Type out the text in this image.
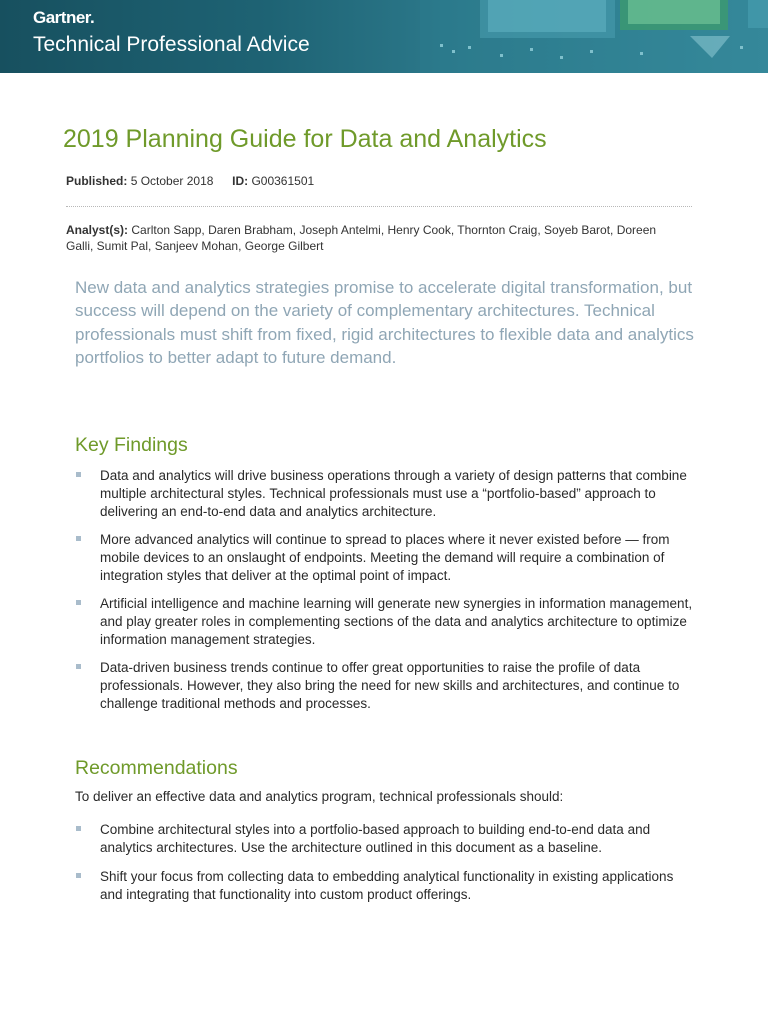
Gartner.
Technical Professional Advice
2019 Planning Guide for Data and Analytics
Published: 5 October 2018 ID: G00361501
Analyst(s): Carlton Sapp, Daren Brabham, Joseph Antelmi, Henry Cook, Thornton Craig, Soyeb Barot, Doreen Galli, Sumit Pal, Sanjeev Mohan, George Gilbert
New data and analytics strategies promise to accelerate digital transformation, but success will depend on the variety of complementary architectures. Technical professionals must shift from fixed, rigid architectures to flexible data and analytics portfolios to better adapt to future demand.
Key Findings
Data and analytics will drive business operations through a variety of design patterns that combine multiple architectural styles. Technical professionals must use a “portfolio-based” approach to delivering an end-to-end data and analytics architecture.
More advanced analytics will continue to spread to places where it never existed before — from mobile devices to an onslaught of endpoints. Meeting the demand will require a combination of integration styles that deliver at the optimal point of impact.
Artificial intelligence and machine learning will generate new synergies in information management, and play greater roles in complementing sections of the data and analytics architecture to optimize information management strategies.
Data-driven business trends continue to offer great opportunities to raise the profile of data professionals. However, they also bring the need for new skills and architectures, and continue to challenge traditional methods and processes.
Recommendations
To deliver an effective data and analytics program, technical professionals should:
Combine architectural styles into a portfolio-based approach to building end-to-end data and analytics architectures. Use the architecture outlined in this document as a baseline.
Shift your focus from collecting data to embedding analytical functionality in existing applications and integrating that functionality into custom product offerings.
